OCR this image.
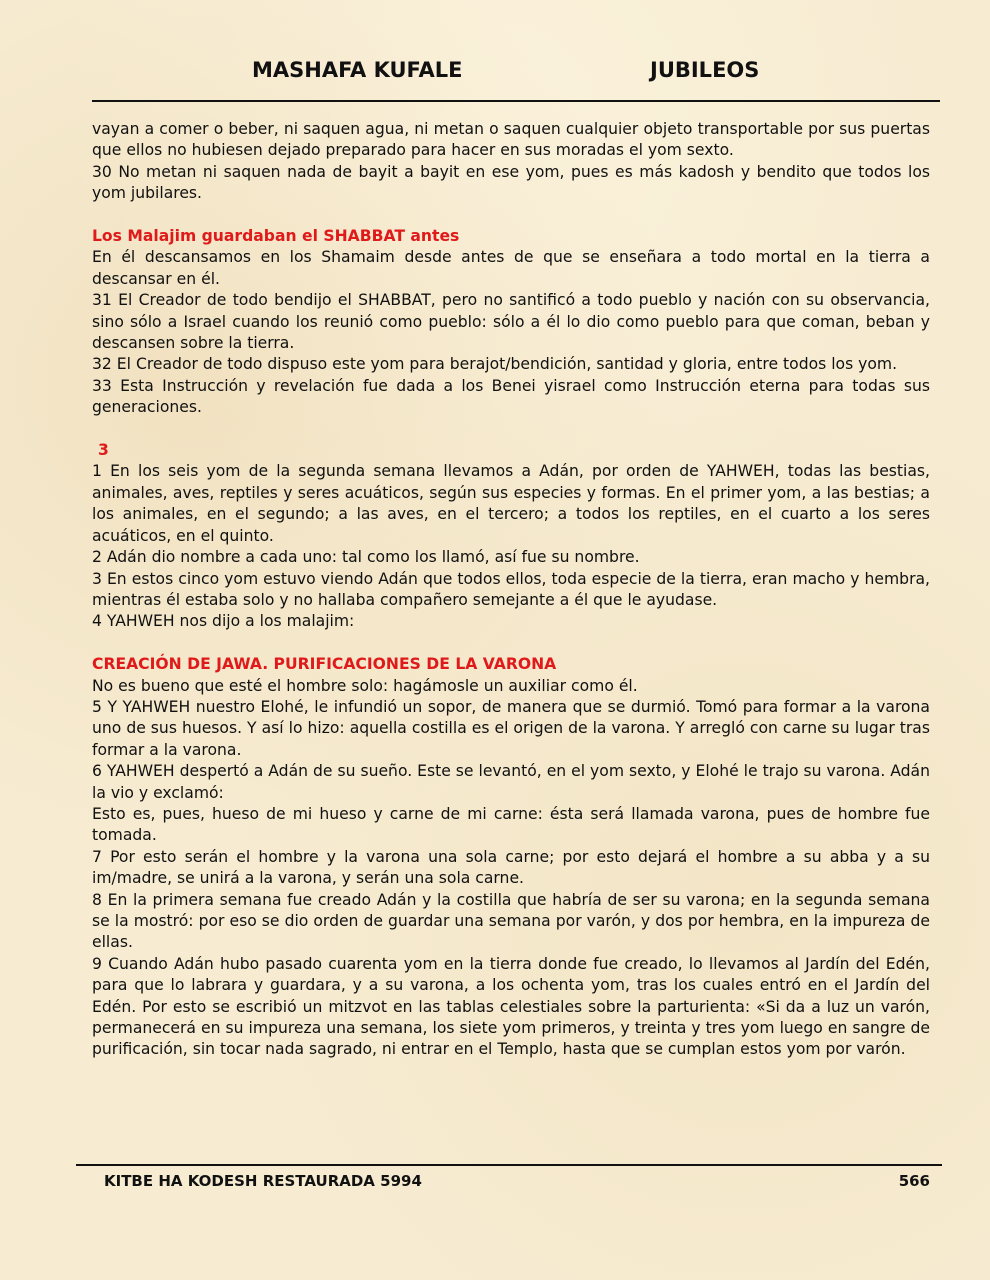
MASHAFA KUFALE	JUBILEOS

vayan a comer o beber, ni saquen agua, ni metan o saquen cualquier objeto transportable por sus puertas que ellos no hubiesen dejado preparado para hacer en sus moradas el yom sexto.

30 No metan ni saquen nada de bayit a bayit en ese yom, pues es más kadosh y bendito que todos los yom jubilares.

Los Malajim guardaban el SHABBAT antes

En él descansamos en los Shamaim desde antes de que se enseñara a todo mortal en la tierra a descansar en él.

31 El Creador de todo bendijo el SHABBAT, pero no santificó a todo pueblo y nación con su observancia, sino sólo a Israel cuando los reunió como pueblo: sólo a él lo dio como pueblo para que coman, beban y descansen sobre la tierra.

32 El Creador de todo dispuso este yom para berajot/bendición, santidad y gloria, entre todos los yom.

33 Esta Instrucción y revelación fue dada a los Benei yisrael como Instrucción eterna para todas sus generaciones.

3

1 En los seis yom de la segunda semana llevamos a Adán, por orden de YAHWEH, todas las bestias, animales, aves, reptiles y seres acuáticos, según sus especies y formas. En el primer yom, a las bestias; a los animales, en el segundo; a las aves, en el tercero; a todos los reptiles, en el cuarto a los seres acuáticos, en el quinto.

2 Adán dio nombre a cada uno: tal como los llamó, así fue su nombre.

3 En estos cinco yom estuvo viendo Adán que todos ellos, toda especie de la tierra, eran macho y hembra, mientras él estaba solo y no hallaba compañero semejante a él que le ayudase.

4 YAHWEH nos dijo a los malajim:

CREACIÓN DE JAWA. PURIFICACIONES DE LA VARONA

No es bueno que esté el hombre solo: hagámosle un auxiliar como él.

5 Y YAHWEH nuestro Elohé, le infundió un sopor, de manera que se durmió. Tomó para formar a la varona uno de sus huesos. Y así lo hizo: aquella costilla es el origen de la varona. Y arregló con carne su lugar tras formar a la varona.

6 YAHWEH despertó a Adán de su sueño. Este se levantó, en el yom sexto, y Elohé le trajo su varona. Adán la vio y exclamó:

Esto es, pues, hueso de mi hueso y carne de mi carne: ésta será llamada varona, pues de hombre fue tomada.

7 Por esto serán el hombre y la varona una sola carne; por esto dejará el hombre a su abba y a su im/madre, se unirá a la varona, y serán una sola carne.

8 En la primera semana fue creado Adán y la costilla que habría de ser su varona; en la segunda semana se la mostró: por eso se dio orden de guardar una semana por varón, y dos por hembra, en la impureza de ellas.

9 Cuando Adán hubo pasado cuarenta yom en la tierra donde fue creado, lo llevamos al Jardín del Edén, para que lo labrara y guardara, y a su varona, a los ochenta yom, tras los cuales entró en el Jardín del Edén. Por esto se escribió un mitzvot en las tablas celestiales sobre la parturienta: «Si da a luz un varón, permanecerá en su impureza una semana, los siete yom primeros, y treinta y tres yom luego en sangre de purificación, sin tocar nada sagrado, ni entrar en el Templo, hasta que se cumplan estos yom por varón.

KITBE HA KODESH RESTAURADA 5994	566
